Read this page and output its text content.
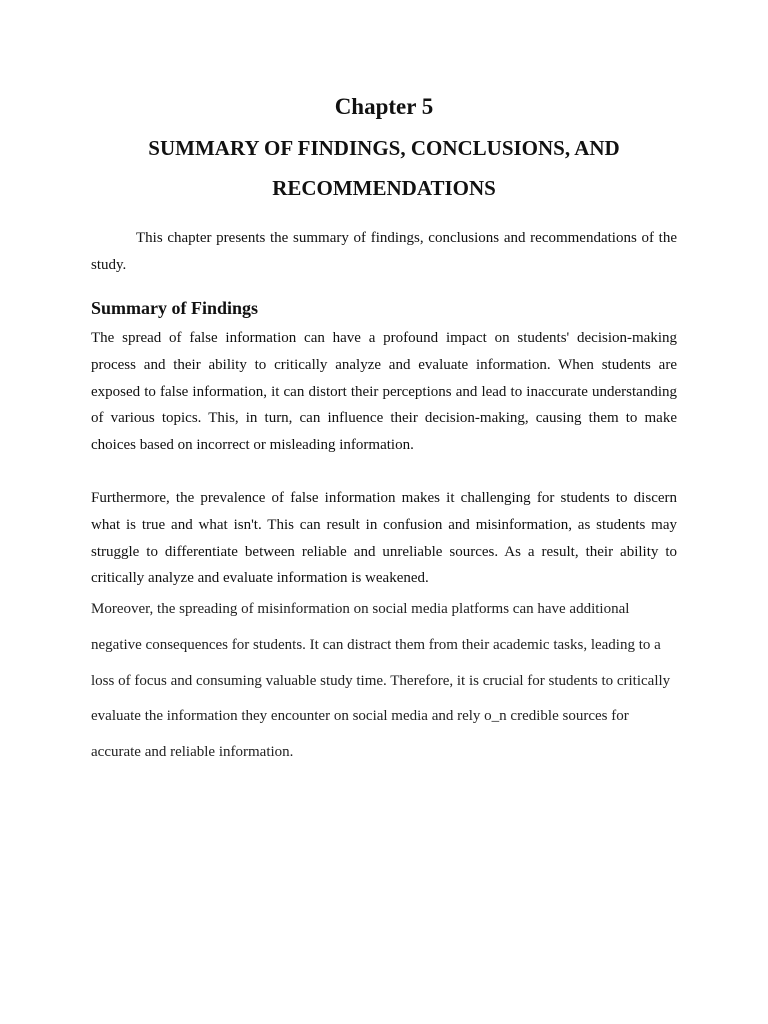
Chapter 5
SUMMARY OF FINDINGS, CONCLUSIONS, AND RECOMMENDATIONS

This chapter presents the summary of findings, conclusions and recommendations of the study.

Summary of Findings

The spread of false information can have a profound impact on students' decision-making process and their ability to critically analyze and evaluate information. When students are exposed to false information, it can distort their perceptions and lead to inaccurate understanding of various topics. This, in turn, can influence their decision-making, causing them to make choices based on incorrect or misleading information.

Furthermore, the prevalence of false information makes it challenging for students to discern what is true and what isn't. This can result in confusion and misinformation, as students may struggle to differentiate between reliable and unreliable sources. As a result, their ability to critically analyze and evaluate information is weakened.

Moreover, the spreading of misinformation on social media platforms can have additional
negative consequences for students. It can distract them from their academic tasks, leading to a
loss of focus and consuming valuable study time. Therefore, it is crucial for students to critically
evaluate the information they encounter on social media and rely o_n credible sources for
accurate and reliable information.
